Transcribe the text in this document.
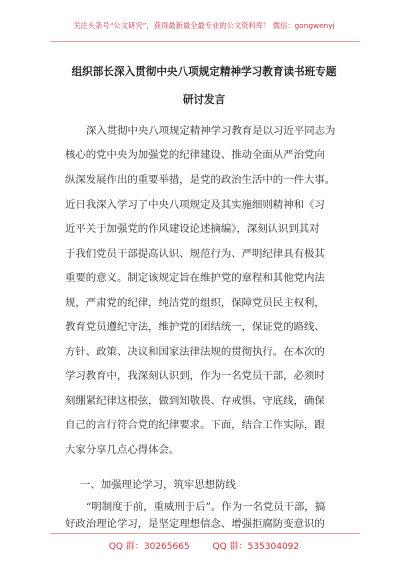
关注头条号“公文研究”，获得最新最全最专业的公文资料库！ 微信：gongwenyj
组织部长深入贯彻中央八项规定精神学习教育读书班专题
研讨发言
深入贯彻中央八项规定精神学习教育是以习近平同志为
核心的党中央为加强党的纪律建设、推动全面从严治党向
纵深发展作出的重要举措，是党的政治生活中的一件大事。
近日我深入学习了中央八项规定及其实施细则精神和《习
近平关于加强党的作风建设论述摘编》，深刻认识到其对
于我们党员干部提高认识、规范行为、严明纪律具有极其
重要的意义。制定该规定旨在维护党的章程和其他党内法
规，严肃党的纪律，纯洁党的组织，保障党员民主权利，
教育党员遵纪守法，维护党的团结统一，保证党的路线、
方针、政策、决议和国家法律法规的贯彻执行。在本次的
学习教育中，我深刻认识到，作为一名党员干部，必须时
刻绷紧纪律这根弦，做到知敬畏、存戒惧、守底线，确保
自己的言行符合党的纪律要求。下面，结合工作实际，跟
大家分享几点心得体会。
一、加强理论学习，筑牢思想防线
“明制度于前，重威刑于后”。作为一名党员干部，搞
好政治理论学习，是坚定理想信念、增强拒腐防变意识的
QQ 群：30265665	QQ 群：535304092
